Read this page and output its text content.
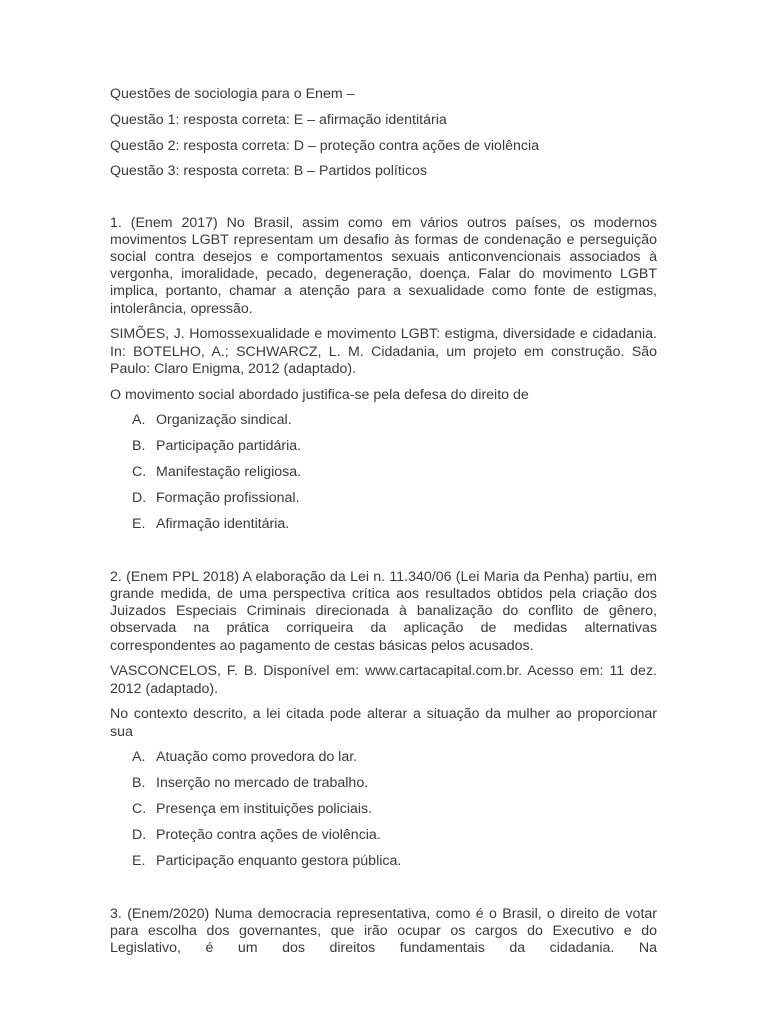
Questões de sociologia para o Enem –

Questão 1: resposta correta: E – afirmação identitária

Questão 2: resposta correta: D – proteção contra ações de violência

Questão 3: resposta correta: B – Partidos políticos

1. (Enem 2017) No Brasil, assim como em vários outros países, os modernos movimentos LGBT representam um desafio às formas de condenação e perseguição social contra desejos e comportamentos sexuais anticonvencionais associados à vergonha, imoralidade, pecado, degeneração, doença. Falar do movimento LGBT implica, portanto, chamar a atenção para a sexualidade como fonte de estigmas, intolerância, opressão.

SIMÕES, J. Homossexualidade e movimento LGBT: estigma, diversidade e cidadania. In: BOTELHO, A.; SCHWARCZ, L. M. Cidadania, um projeto em construção. São Paulo: Claro Enigma, 2012 (adaptado).

O movimento social abordado justifica-se pela defesa do direito de

A. Organização sindical.
B. Participação partidária.
C. Manifestação religiosa.
D. Formação profissional.
E. Afirmação identitária.

2. (Enem PPL 2018) A elaboração da Lei n. 11.340/06 (Lei Maria da Penha) partiu, em grande medida, de uma perspectiva crítica aos resultados obtidos pela criação dos Juizados Especiais Criminais direcionada à banalização do conflito de gênero, observada na prática corriqueira da aplicação de medidas alternativas correspondentes ao pagamento de cestas básicas pelos acusados.

VASCONCELOS, F. B. Disponível em: www.cartacapital.com.br. Acesso em: 11 dez. 2012 (adaptado).

No contexto descrito, a lei citada pode alterar a situação da mulher ao proporcionar sua

A. Atuação como provedora do lar.
B. Inserção no mercado de trabalho.
C. Presença em instituições policiais.
D. Proteção contra ações de violência.
E. Participação enquanto gestora pública.

3. (Enem/2020) Numa democracia representativa, como é o Brasil, o direito de votar para escolha dos governantes, que irão ocupar os cargos do Executivo e do Legislativo, é um dos direitos fundamentais da cidadania. Na
